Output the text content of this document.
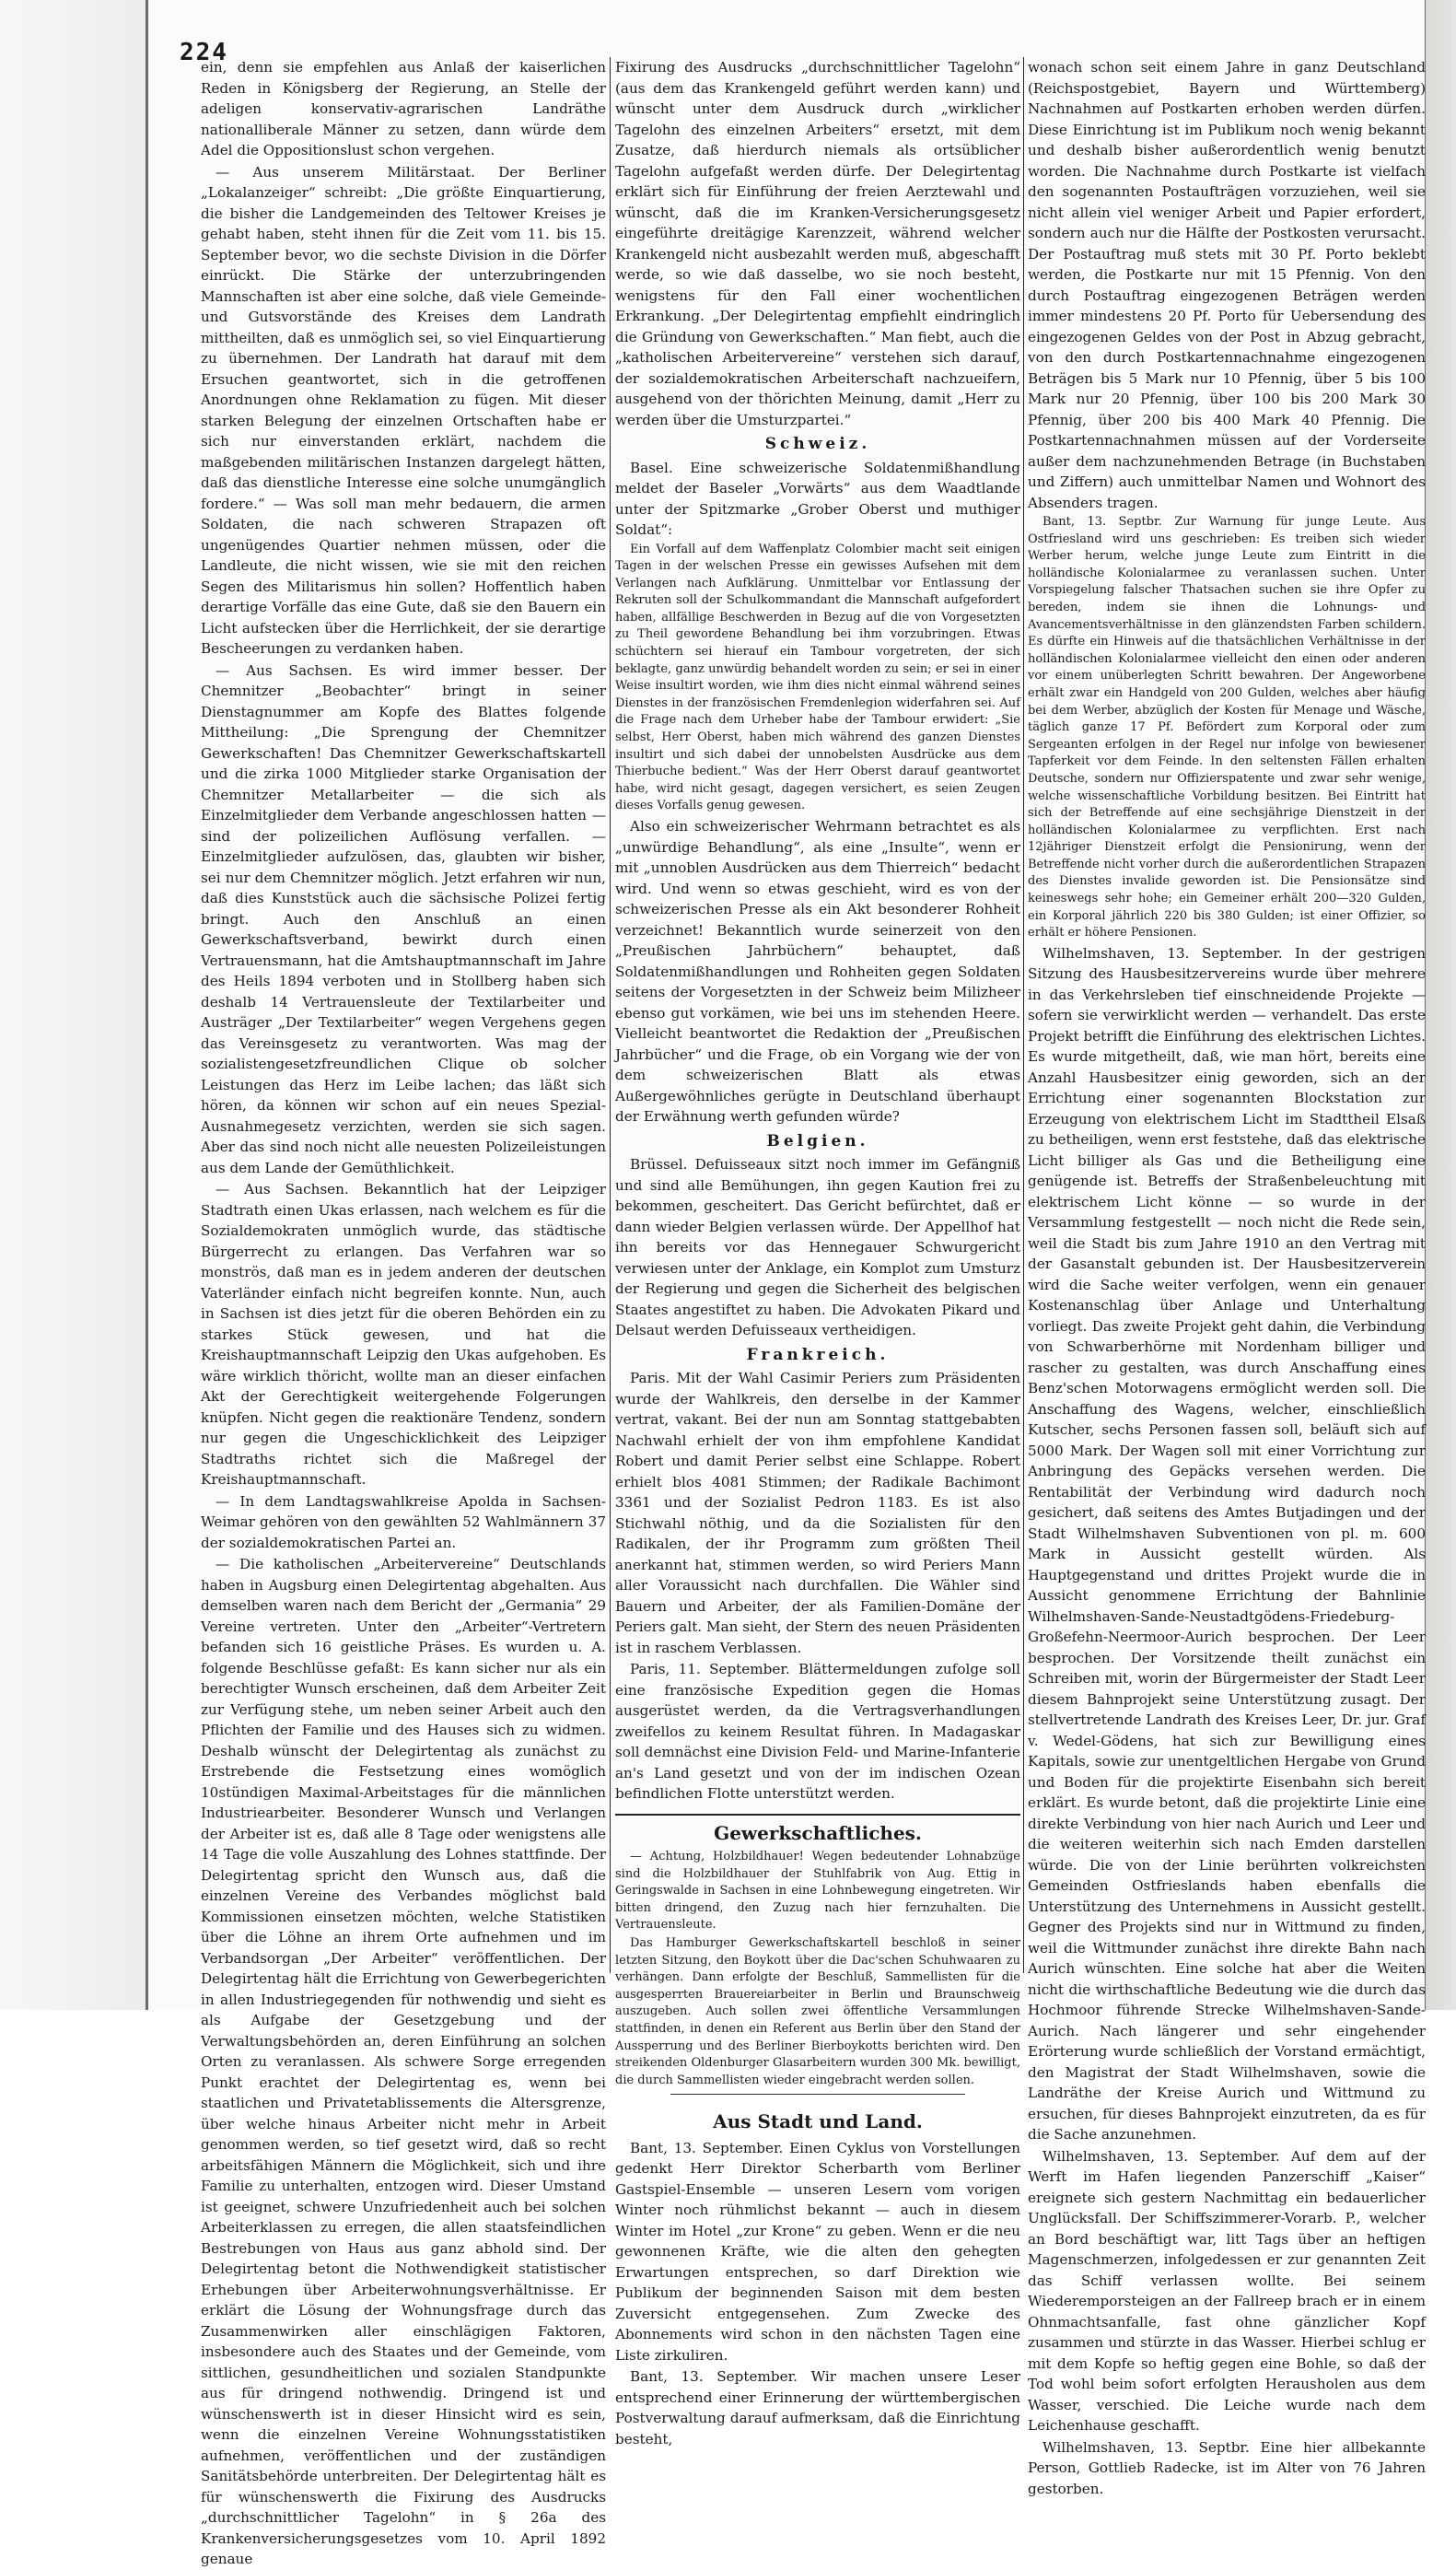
224

ein, denn sie empfehlen aus Anlaß der kaiserlichen Reden in Königsberg der Regierung, an Stelle der adeligen konservativ-agrarischen Landräthe nationalliberale Männer zu setzen, dann würde dem Adel die Oppositionslust schon vergehen.

— Aus unserem Militärstaat. Der Berliner „Lokalanzeiger“ schreibt: „Die größte Einquartierung, die bisher die Landgemeinden des Teltower Kreises je gehabt haben, steht ihnen für die Zeit vom 11. bis 15. September bevor, wo die sechste Division in die Dörfer einrückt. Die Stärke der unterzubringenden Mannschaften ist aber eine solche, daß viele Gemeinde- und Gutsvorstände des Kreises dem Landrath mittheilten, daß es unmöglich sei, so viel Einquartierung zu übernehmen. Der Landrath hat darauf mit dem Ersuchen geantwortet, sich in die getroffenen Anordnungen ohne Reklamation zu fügen. Mit dieser starken Belegung der einzelnen Ortschaften habe er sich nur einverstanden erklärt, nachdem die maßgebenden militärischen Instanzen dargelegt hätten, daß das dienstliche Interesse eine solche unumgänglich fordere.“ — Was soll man mehr bedauern, die armen Soldaten, die nach schweren Strapazen oft ungenügendes Quartier nehmen müssen, oder die Landleute, die nicht wissen, wie sie mit den reichen Segen des Militarismus hin sollen? Hoffentlich haben derartige Vorfälle das eine Gute, daß sie den Bauern ein Licht aufstecken über die Herrlichkeit, der sie derartige Bescheerungen zu verdanken haben.

— Aus Sachsen. Es wird immer besser. Der Chemnitzer „Beobachter“ bringt in seiner Dienstagnummer am Kopfe des Blattes folgende Mittheilung: „Die Sprengung der Chemnitzer Gewerkschaften! Das Chemnitzer Gewerkschaftskartell und die zirka 1000 Mitglieder starke Organisation der Chemnitzer Metallarbeiter — die sich als Einzelmitglieder dem Verbande angeschlossen hatten — sind der polizeilichen Auflösung verfallen. — Einzelmitglieder aufzulösen, das, glaubten wir bisher, sei nur dem Chemnitzer möglich. Jetzt erfahren wir nun, daß dies Kunststück auch die sächsische Polizei fertig bringt. Auch den Anschluß an einen Gewerkschaftsverband, bewirkt durch einen Vertrauensmann, hat die Amtshauptmannschaft im Jahre des Heils 1894 verboten und in Stollberg haben sich deshalb 14 Vertrauensleute der Textilarbeiter und Austräger „Der Textilarbeiter“ wegen Vergehens gegen das Vereinsgesetz zu verantworten. Was mag der sozialistengesetzfreundlichen Clique ob solcher Leistungen das Herz im Leibe lachen; das läßt sich hören, da können wir schon auf ein neues Spezial-Ausnahmegesetz verzichten, werden sie sich sagen. Aber das sind noch nicht alle neuesten Polizeileistungen aus dem Lande der Gemüthlichkeit.

— Aus Sachsen. Bekanntlich hat der Leipziger Stadtrath einen Ukas erlassen, nach welchem es für die Sozialdemokraten unmöglich wurde, das städtische Bürgerrecht zu erlangen. Das Verfahren war so monströs, daß man es in jedem anderen der deutschen Vaterländer einfach nicht begreifen konnte. Nun, auch in Sachsen ist dies jetzt für die oberen Behörden ein zu starkes Stück gewesen, und hat die Kreishauptmannschaft Leipzig den Ukas aufgehoben. Es wäre wirklich thöricht, wollte man an dieser einfachen Akt der Gerechtigkeit weitergehende Folgerungen knüpfen. Nicht gegen die reaktionäre Tendenz, sondern nur gegen die Ungeschicklichkeit des Leipziger Stadtraths richtet sich die Maßregel der Kreishauptmannschaft.

— In dem Landtagswahlkreise Apolda in Sachsen-Weimar gehören von den gewählten 52 Wahlmännern 37 der sozialdemokratischen Partei an.

— Die katholischen „Arbeitervereine“ Deutschlands haben in Augsburg einen Delegirtentag abgehalten. Aus demselben waren nach dem Bericht der „Germania“ 29 Vereine vertreten. Unter den „Arbeiter“-Vertretern befanden sich 16 geistliche Präses. Es wurden u. A. folgende Beschlüsse gefaßt: Es kann sicher nur als ein berechtigter Wunsch erscheinen, daß dem Arbeiter Zeit zur Verfügung stehe, um neben seiner Arbeit auch den Pflichten der Familie und des Hauses sich zu widmen. Deshalb wünscht der Delegirtentag als zunächst zu Erstrebende die Festsetzung eines womöglich 10stündigen Maximal-Arbeitstages für die männlichen Industriearbeiter. Besonderer Wunsch und Verlangen der Arbeiter ist es, daß alle 8 Tage oder wenigstens alle 14 Tage die volle Auszahlung des Lohnes stattfinde. Der Delegirtentag spricht den Wunsch aus, daß die einzelnen Vereine des Verbandes möglichst bald Kommissionen einsetzen möchten, welche Statistiken über die Löhne an ihrem Orte aufnehmen und im Verbandsorgan „Der Arbeiter“ veröffentlichen. Der Delegirtentag hält die Errichtung von Gewerbegerichten in allen Industriegegenden für nothwendig und sieht es als Aufgabe der Gesetzgebung und der Verwaltungsbehörden an, deren Einführung an solchen Orten zu veranlassen. Als schwere Sorge erregenden Punkt erachtet der Delegirtentag es, wenn bei staatlichen und Privatetablissements die Altersgrenze, über welche hinaus Arbeiter nicht mehr in Arbeit genommen werden, so tief gesetzt wird, daß so recht arbeitsfähigen Männern die Möglichkeit, sich und ihre Familie zu unterhalten, entzogen wird. Dieser Umstand ist geeignet, schwere Unzufriedenheit auch bei solchen Arbeiterklassen zu erregen, die allen staatsfeindlichen Bestrebungen von Haus aus ganz abhold sind. Der Delegirtentag betont die Nothwendigkeit statistischer Erhebungen über Arbeiterwohnungsverhältnisse. Er erklärt die Lösung der Wohnungsfrage durch das Zusammenwirken aller einschlägigen Faktoren, insbesondere auch des Staates und der Gemeinde, vom sittlichen, gesundheitlichen und sozialen Standpunkte aus für dringend nothwendig. Dringend ist und wünschenswerth ist in dieser Hinsicht wird es sein, wenn die einzelnen Vereine Wohnungsstatistiken aufnehmen, veröffentlichen und der zuständigen Sanitätsbehörde unterbreiten. Der Delegirtentag hält es für wünschenswerth die Fixirung des Ausdrucks „durchschnittlicher Tagelohn“ in § 26a des Krankenversicherungsgesetzes vom 10. April 1892 genaue

Fixirung des Ausdrucks „durchschnittlicher Tagelohn“ (aus dem das Krankengeld geführt werden kann) und wünscht unter dem Ausdruck durch „wirklicher Tagelohn des einzelnen Arbeiters“ ersetzt, mit dem Zusatze, daß hierdurch niemals als ortsüblicher Tagelohn aufgefaßt werden dürfe. Der Delegirtentag erklärt sich für Einführung der freien Aerztewahl und wünscht, daß die im Kranken-Versicherungsgesetz eingeführte dreitägige Karenzzeit, während welcher Krankengeld nicht ausbezahlt werden muß, abgeschafft werde, so wie daß dasselbe, wo sie noch besteht, wenigstens für den Fall einer wochentlichen Erkrankung. „Der Delegirtentag empfiehlt eindringlich die Gründung von Gewerkschaften.“ Man fiebt, auch die „katholischen Arbeitervereine“ verstehen sich darauf, der sozialdemokratischen Arbeiterschaft nachzueifern, ausgehend von der thörichten Meinung, damit „Herr zu werden über die Umsturzpartei.“

Schweiz.

Basel. Eine schweizerische Soldatenmißhandlung meldet der Baseler „Vorwärts“ aus dem Waadtlande unter der Spitzmarke „Grober Oberst und muthiger Soldat“:

Ein Vorfall auf dem Waffenplatz Colombier macht seit einigen Tagen in der welschen Presse ein gewisses Aufsehen mit dem Verlangen nach Aufklärung. Unmittelbar vor Entlassung der Rekruten soll der Schulkommandant die Mannschaft aufgefordert haben, allfällige Beschwerden in Bezug auf die von Vorgesetzten zu Theil gewordene Behandlung bei ihm vorzubringen. Etwas schüchtern sei hierauf ein Tambour vorgetreten, der sich beklagte, ganz unwürdig behandelt worden zu sein; er sei in einer Weise insultirt worden, wie ihm dies nicht einmal während seines Dienstes in der französischen Fremdenlegion widerfahren sei. Auf die Frage nach dem Urheber habe der Tambour erwidert: „Sie selbst, Herr Oberst, haben mich während des ganzen Dienstes insultirt und sich dabei der unnobelsten Ausdrücke aus dem Thierbuche bedient.“ Was der Herr Oberst darauf geantwortet habe, wird nicht gesagt, dagegen versichert, es seien Zeugen dieses Vorfalls genug gewesen.

Also ein schweizerischer Wehrmann betrachtet es als „unwürdige Behandlung“, als eine „Insulte“, wenn er mit „unnoblen Ausdrücken aus dem Thierreich“ bedacht wird. Und wenn so etwas geschieht, wird es von der schweizerischen Presse als ein Akt besonderer Rohheit verzeichnet! Bekanntlich wurde seinerzeit von den „Preußischen Jahrbüchern“ behauptet, daß Soldatenmißhandlungen und Rohheiten gegen Soldaten seitens der Vorgesetzten in der Schweiz beim Milizheer ebenso gut vorkämen, wie bei uns im stehenden Heere. Vielleicht beantwortet die Redaktion der „Preußischen Jahrbücher“ und die Frage, ob ein Vorgang wie der von dem schweizerischen Blatt als etwas Außergewöhnliches gerügte in Deutschland überhaupt der Erwähnung werth gefunden würde?

Belgien.

Brüssel. Defuisseaux sitzt noch immer im Gefängniß und sind alle Bemühungen, ihn gegen Kaution frei zu bekommen, gescheitert. Das Gericht befürchtet, daß er dann wieder Belgien verlassen würde. Der Appellhof hat ihn bereits vor das Hennegauer Schwurgericht verwiesen unter der Anklage, ein Komplot zum Umsturz der Regierung und gegen die Sicherheit des belgischen Staates angestiftet zu haben. Die Advokaten Pikard und Delsaut werden Defuisseaux vertheidigen.

Frankreich.

Paris. Mit der Wahl Casimir Periers zum Präsidenten wurde der Wahlkreis, den derselbe in der Kammer vertrat, vakant. Bei der nun am Sonntag stattgebabten Nachwahl erhielt der von ihm empfohlene Kandidat Robert und damit Perier selbst eine Schlappe. Robert erhielt blos 4081 Stimmen; der Radikale Bachimont 3361 und der Sozialist Pedron 1183. Es ist also Stichwahl nöthig, und da die Sozialisten für den Radikalen, der ihr Programm zum größten Theil anerkannt hat, stimmen werden, so wird Periers Mann aller Voraussicht nach durchfallen. Die Wähler sind Bauern und Arbeiter, der als Familien-Domäne der Periers galt. Man sieht, der Stern des neuen Präsidenten ist in raschem Verblassen.

Paris, 11. September. Blättermeldungen zufolge soll eine französische Expedition gegen die Homas ausgerüstet werden, da die Vertragsverhandlungen zweifellos zu keinem Resultat führen. In Madagaskar soll demnächst eine Division Feld- und Marine-Infanterie an's Land gesetzt und von der im indischen Ozean befindlichen Flotte unterstützt werden.

Gewerkschaftliches.

— Achtung, Holzbildhauer! Wegen bedeutender Lohnabzüge sind die Holzbildhauer der Stuhlfabrik von Aug. Ettig in Geringswalde in Sachsen in eine Lohnbewegung eingetreten. Wir bitten dringend, den Zuzug nach hier fernzuhalten. Die Vertrauensleute.

Das Hamburger Gewerkschaftskartell beschloß in seiner letzten Sitzung, den Boykott über die Dac'schen Schuhwaaren zu verhängen. Dann erfolgte der Beschluß, Sammellisten für die ausgesperrten Brauereiarbeiter in Berlin und Braunschweig auszugeben. Auch sollen zwei öffentliche Versammlungen stattfinden, in denen ein Referent aus Berlin über den Stand der Aussperrung und des Berliner Bierboykotts berichten wird. Den streikenden Oldenburger Glasarbeitern wurden 300 Mk. bewilligt, die durch Sammellisten wieder eingebracht werden sollen.

Aus Stadt und Land.

Bant, 13. September. Einen Cyklus von Vorstellungen gedenkt Herr Direktor Scherbarth vom Berliner Gastspiel-Ensemble — unseren Lesern vom vorigen Winter noch rühmlichst bekannt — auch in diesem Winter im Hotel „zur Krone“ zu geben. Wenn er die neu gewonnenen Kräfte, wie die alten den gehegten Erwartungen entsprechen, so darf Direktion wie Publikum der beginnenden Saison mit dem besten Zuversicht entgegensehen. Zum Zwecke des Abonnements wird schon in den nächsten Tagen eine Liste zirkuliren.

Bant, 13. September. Wir machen unsere Leser entsprechend einer Erinnerung der württembergischen Postverwaltung darauf aufmerksam, daß die Einrichtung besteht,

wonach schon seit einem Jahre in ganz Deutschland (Reichspostgebiet, Bayern und Württemberg) Nachnahmen auf Postkarten erhoben werden dürfen. Diese Einrichtung ist im Publikum noch wenig bekannt und deshalb bisher außerordentlich wenig benutzt worden. Die Nachnahme durch Postkarte ist vielfach den sogenannten Postaufträgen vorzuziehen, weil sie nicht allein viel weniger Arbeit und Papier erfordert, sondern auch nur die Hälfte der Postkosten verursacht. Der Postauftrag muß stets mit 30 Pf. Porto beklebt werden, die Postkarte nur mit 15 Pfennig. Von den durch Postauftrag eingezogenen Beträgen werden immer mindestens 20 Pf. Porto für Uebersendung des eingezogenen Geldes von der Post in Abzug gebracht, von den durch Postkartennachnahme eingezogenen Beträgen bis 5 Mark nur 10 Pfennig, über 5 bis 100 Mark nur 20 Pfennig, über 100 bis 200 Mark 30 Pfennig, über 200 bis 400 Mark 40 Pfennig. Die Postkartennachnahmen müssen auf der Vorderseite außer dem nachzunehmenden Betrage (in Buchstaben und Ziffern) auch unmittelbar Namen und Wohnort des Absenders tragen.

Bant, 13. Septbr. Zur Warnung für junge Leute. Aus Ostfriesland wird uns geschrieben: Es treiben sich wieder Werber herum, welche junge Leute zum Eintritt in die holländische Kolonialarmee zu veranlassen suchen. Unter Vorspiegelung falscher Thatsachen suchen sie ihre Opfer zu bereden, indem sie ihnen die Lohnungs- und Avancementsverhältnisse in den glänzendsten Farben schildern. Es dürfte ein Hinweis auf die thatsächlichen Verhältnisse in der holländischen Kolonialarmee vielleicht den einen oder anderen vor einem unüberlegten Schritt bewahren. Der Angeworbene erhält zwar ein Handgeld von 200 Gulden, welches aber häufig bei dem Werber, abzüglich der Kosten für Menage und Wäsche, täglich ganze 17 Pf. Befördert zum Korporal oder zum Sergeanten erfolgen in der Regel nur infolge von bewiesener Tapferkeit vor dem Feinde. In den seltensten Fällen erhalten Deutsche, sondern nur Offizierspatente und zwar sehr wenige, welche wissenschaftliche Vorbildung besitzen. Bei Eintritt hat sich der Betreffende auf eine sechsjährige Dienstzeit in der holländischen Kolonialarmee zu verpflichten. Erst nach 12jähriger Dienstzeit erfolgt die Pensionirung, wenn der Betreffende nicht vorher durch die außerordentlichen Strapazen des Dienstes invalide geworden ist. Die Pensionsätze sind keineswegs sehr hohe; ein Gemeiner erhält 200—320 Gulden, ein Korporal jährlich 220 bis 380 Gulden; ist einer Offizier, so erhält er höhere Pensionen.

Wilhelmshaven, 13. September. In der gestrigen Sitzung des Hausbesitzervereins wurde über mehrere in das Verkehrsleben tief einschneidende Projekte — sofern sie verwirklicht werden — verhandelt. Das erste Projekt betrifft die Einführung des elektrischen Lichtes. Es wurde mitgetheilt, daß, wie man hört, bereits eine Anzahl Hausbesitzer einig geworden, sich an der Errichtung einer sogenannten Blockstation zur Erzeugung von elektrischem Licht im Stadttheil Elsaß zu betheiligen, wenn erst feststehe, daß das elektrische Licht billiger als Gas und die Betheiligung eine genügende ist. Betreffs der Straßenbeleuchtung mit elektrischem Licht könne — so wurde in der Versammlung festgestellt — noch nicht die Rede sein, weil die Stadt bis zum Jahre 1910 an den Vertrag mit der Gasanstalt gebunden ist. Der Hausbesitzerverein wird die Sache weiter verfolgen, wenn ein genauer Kostenanschlag über Anlage und Unterhaltung vorliegt. Das zweite Projekt geht dahin, die Verbindung von Schwarberhörne mit Nordenham billiger und rascher zu gestalten, was durch Anschaffung eines Benz'schen Motorwagens ermöglicht werden soll. Die Anschaffung des Wagens, welcher, einschließlich Kutscher, sechs Personen fassen soll, beläuft sich auf 5000 Mark. Der Wagen soll mit einer Vorrichtung zur Anbringung des Gepäcks versehen werden. Die Rentabilität der Verbindung wird dadurch noch gesichert, daß seitens des Amtes Butjadingen und der Stadt Wilhelmshaven Subventionen von pl. m. 600 Mark in Aussicht gestellt würden. Als Hauptgegenstand und drittes Projekt wurde die in Aussicht genommene Errichtung der Bahnlinie Wilhelmshaven-Sande-Neustadtgödens-Friedeburg-Großefehn-Neermoor-Aurich besprochen. Der Leer besprochen. Der Vorsitzende theilt zunächst ein Schreiben mit, worin der Bürgermeister der Stadt Leer diesem Bahnprojekt seine Unterstützung zusagt. Der stellvertretende Landrath des Kreises Leer, Dr. jur. Graf v. Wedel-Gödens, hat sich zur Bewilligung eines Kapitals, sowie zur unentgeltlichen Hergabe von Grund und Boden für die projektirte Eisenbahn sich bereit erklärt. Es wurde betont, daß die projektirte Linie eine direkte Verbindung von hier nach Aurich und Leer und die weiteren weiterhin sich nach Emden darstellen würde. Die von der Linie berührten volkreichsten Gemeinden Ostfrieslands haben ebenfalls die Unterstützung des Unternehmens in Aussicht gestellt. Gegner des Projekts sind nur in Wittmund zu finden, weil die Wittmunder zunächst ihre direkte Bahn nach Aurich wünschten. Eine solche hat aber die Weiten nicht die wirthschaftliche Bedeutung wie die durch das Hochmoor führende Strecke Wilhelmshaven-Sande-Aurich. Nach längerer und sehr eingehender Erörterung wurde schließlich der Vorstand ermächtigt, den Magistrat der Stadt Wilhelmshaven, sowie die Landräthe der Kreise Aurich und Wittmund zu ersuchen, für dieses Bahnprojekt einzutreten, da es für die Sache anzunehmen.

Wilhelmshaven, 13. September. Auf dem auf der Werft im Hafen liegenden Panzerschiff „Kaiser“ ereignete sich gestern Nachmittag ein bedauerlicher Unglücksfall. Der Schiffszimmerer-Vorarb. P., welcher an Bord beschäftigt war, litt Tags über an heftigen Magenschmerzen, infolgedessen er zur genannten Zeit das Schiff verlassen wollte. Bei seinem Wiederemporsteigen an der Fallreep brach er in einem Ohnmachtsanfalle, fast ohne gänzlicher Kopf zusammen und stürzte in das Wasser. Hierbei schlug er mit dem Kopfe so heftig gegen eine Bohle, so daß der Tod wohl beim sofort erfolgten Herausholen aus dem Wasser, verschied. Die Leiche wurde nach dem Leichenhause geschafft.

Wilhelmshaven, 13. Septbr. Eine hier allbekannte Person, Gottlieb Radecke, ist im Alter von 76 Jahren gestorben.
